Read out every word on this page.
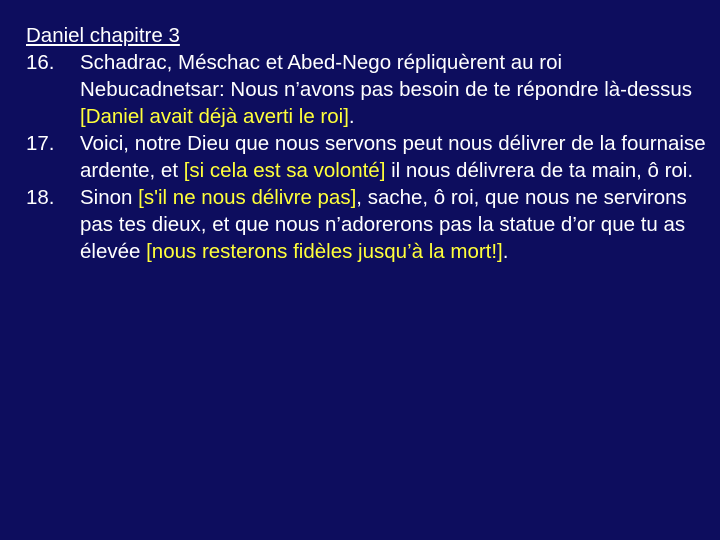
Daniel chapitre 3

16.	Schadrac, Méschac et Abed-Nego répliquèrent au roi Nebucadnetsar: Nous n’avons pas besoin de te répondre là-dessus [Daniel avait déjà averti le roi].

17.	Voici, notre Dieu que nous servons peut nous délivrer de la fournaise ardente, et [si cela est sa volonté] il nous délivrera de ta main, ô roi.

18.	Sinon [s'il ne nous délivre pas], sache, ô roi, que nous ne servirons pas tes dieux, et que nous n’adorerons pas la statue d’or que tu as élevée [nous resterons fidèles jusqu’à la mort!].
